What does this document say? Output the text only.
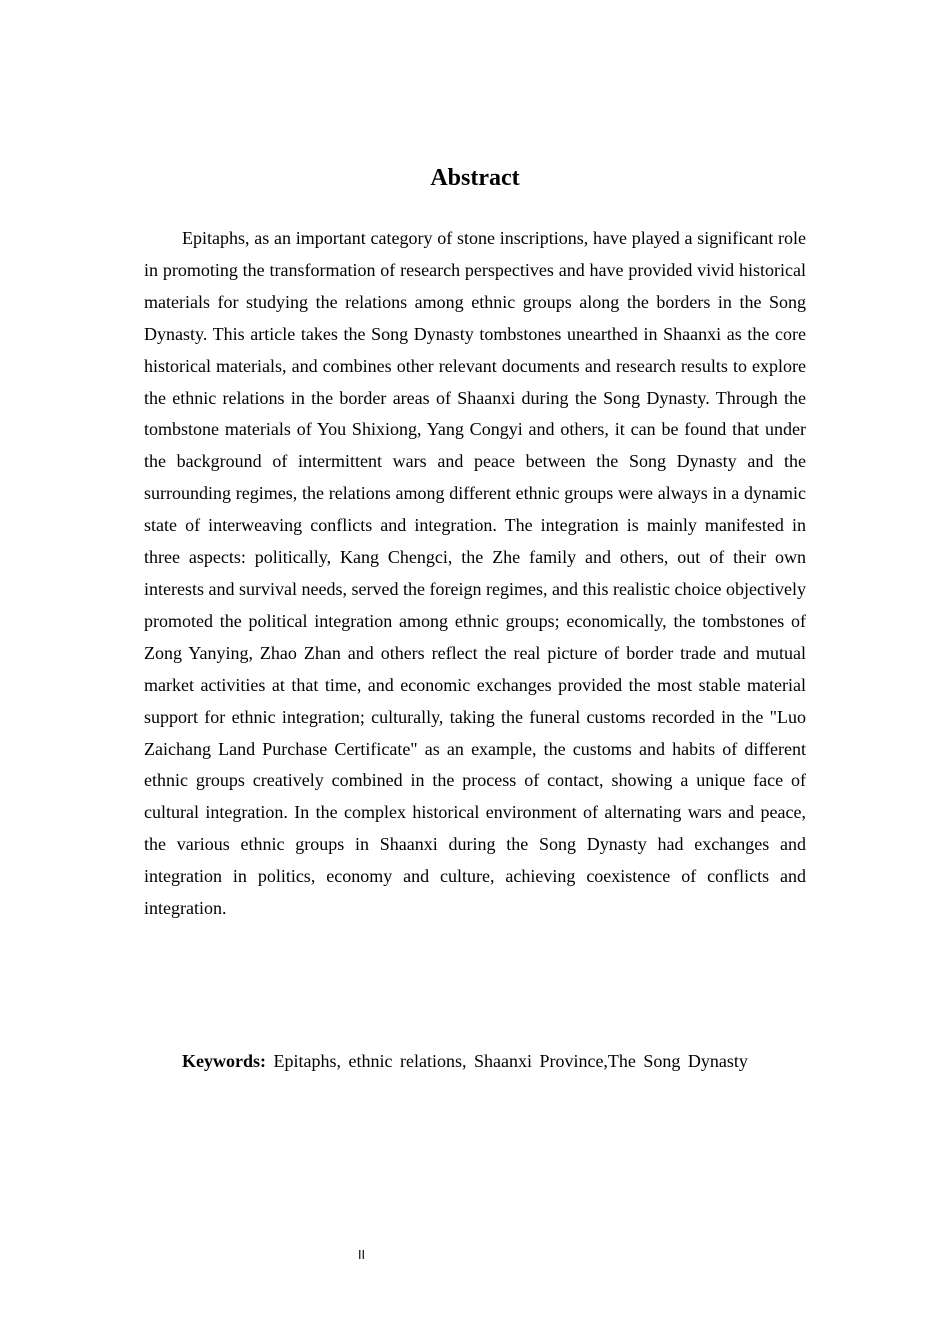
Abstract

Epitaphs, as an important category of stone inscriptions, have played a significant role in promoting the transformation of research perspectives and have provided vivid historical materials for studying the relations among ethnic groups along the borders in the Song Dynasty. This article takes the Song Dynasty tombstones unearthed in Shaanxi as the core historical materials, and combines other relevant documents and research results to explore the ethnic relations in the border areas of Shaanxi during the Song Dynasty. Through the tombstone materials of You Shixiong, Yang Congyi and others, it can be found that under the background of intermittent wars and peace between the Song Dynasty and the surrounding regimes, the relations among different ethnic groups were always in a dynamic state of interweaving conflicts and integration. The integration is mainly manifested in three aspects: politically, Kang Chengci, the Zhe family and others, out of their own interests and survival needs, served the foreign regimes, and this realistic choice objectively promoted the political integration among ethnic groups; economically, the tombstones of Zong Yanying, Zhao Zhan and others reflect the real picture of border trade and mutual market activities at that time, and economic exchanges provided the most stable material support for ethnic integration; culturally, taking the funeral customs recorded in the "Luo Zaichang Land Purchase Certificate" as an example, the customs and habits of different ethnic groups creatively combined in the process of contact, showing a unique face of cultural integration. In the complex historical environment of alternating wars and peace, the various ethnic groups in Shaanxi during the Song Dynasty had exchanges and integration in politics, economy and culture, achieving coexistence of conflicts and integration.

Keywords: Epitaphs, ethnic relations, Shaanxi Province,The Song Dynasty

II
